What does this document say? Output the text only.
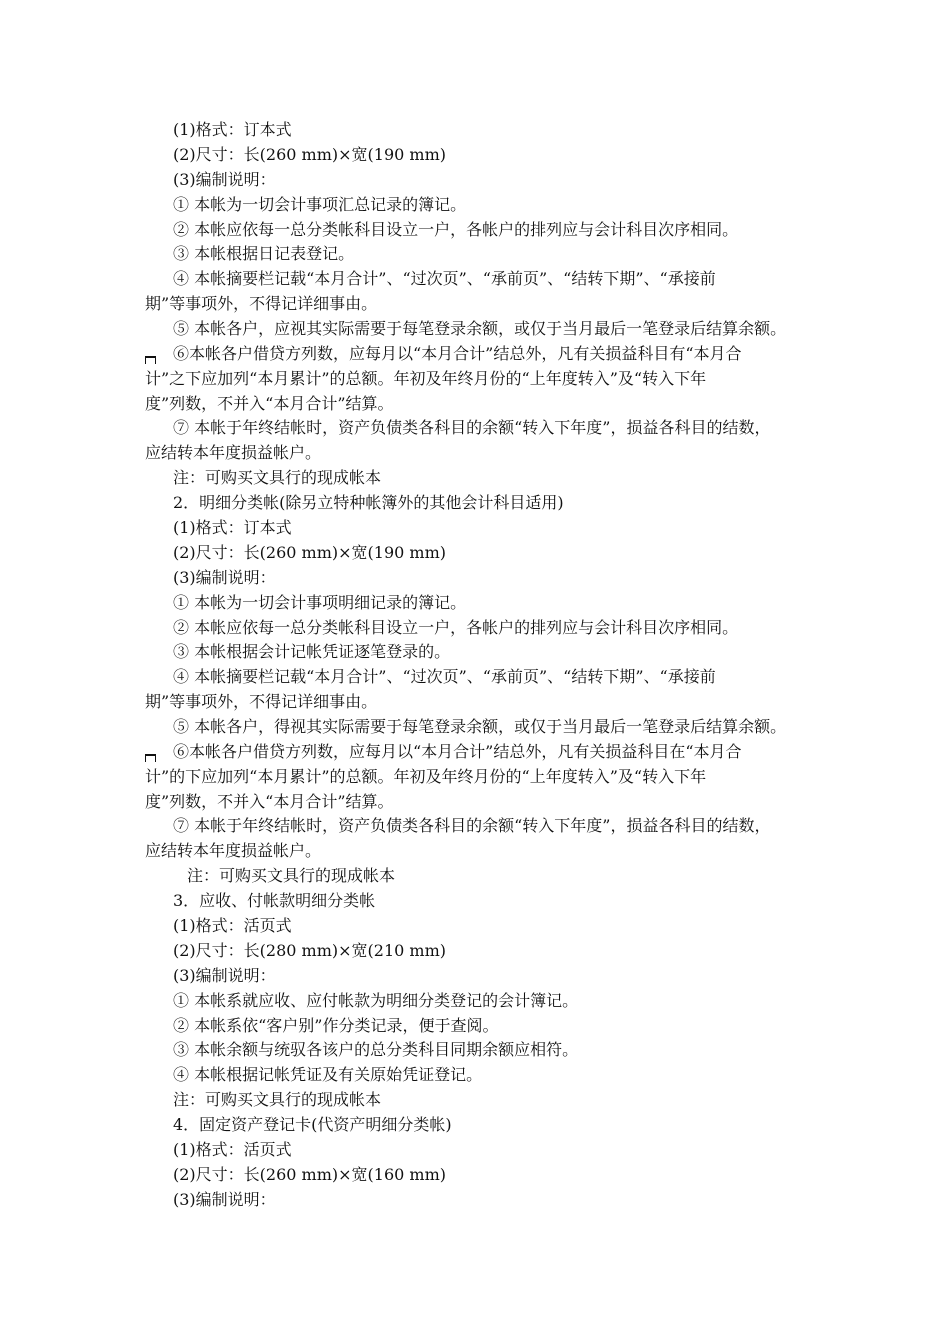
(1)格式：订本式
(2)尺寸：长(260 mm)×宽(190 mm)
(3)编制说明：
① 本帐为一切会计事项汇总记录的簿记。
② 本帐应依每一总分类帐科目设立一户，各帐户的排列应与会计科目次序相同。
③ 本帐根据日记表登记。
④ 本帐摘要栏记载“本月合计”、“过次页”、“承前页”、“结转下期”、“承接前
期”等事项外，不得记详细事由。
⑤ 本帐各户，应视其实际需要于每笔登录余额，或仅于当月最后一笔登录后结算余额。
⑥本帐各户借贷方列数，应每月以“本月合计”结总外，凡有关损益科目有“本月合
计”之下应加列“本月累计”的总额。年初及年终月份的“上年度转入”及“转入下年
度”列数，不并入“本月合计”结算。
⑦ 本帐于年终结帐时，资产负债类各科目的余额“转入下年度”，损益各科目的结数，
应结转本年度损益帐户。
注：可购买文具行的现成帐本
2．明细分类帐(除另立特种帐簿外的其他会计科目适用)
(1)格式：订本式
(2)尺寸：长(260 mm)×宽(190 mm)
(3)编制说明：
① 本帐为一切会计事项明细记录的簿记。
② 本帐应依每一总分类帐科目设立一户，各帐户的排列应与会计科目次序相同。
③ 本帐根据会计记帐凭证逐笔登录的。
④ 本帐摘要栏记载“本月合计”、“过次页”、“承前页”、“结转下期”、“承接前
期”等事项外，不得记详细事由。
⑤ 本帐各户，得视其实际需要于每笔登录余额，或仅于当月最后一笔登录后结算余额。
⑥本帐各户借贷方列数，应每月以“本月合计”结总外，凡有关损益科目在“本月合
计”的下应加列“本月累计”的总额。年初及年终月份的“上年度转入”及“转入下年
度”列数，不并入“本月合计”结算。
⑦ 本帐于年终结帐时，资产负债类各科目的余额“转入下年度”，损益各科目的结数，
应结转本年度损益帐户。
注：可购买文具行的现成帐本
3．应收、付帐款明细分类帐
(1)格式：活页式
(2)尺寸：长(280 mm)×宽(210 mm)
(3)编制说明：
① 本帐系就应收、应付帐款为明细分类登记的会计簿记。
② 本帐系依“客户别”作分类记录，便于查阅。
③ 本帐余额与统驭各该户的总分类科目同期余额应相符。
④ 本帐根据记帐凭证及有关原始凭证登记。
注：可购买文具行的现成帐本
4．固定资产登记卡(代资产明细分类帐)
(1)格式：活页式
(2)尺寸：长(260 mm)×宽(160 mm)
(3)编制说明：
